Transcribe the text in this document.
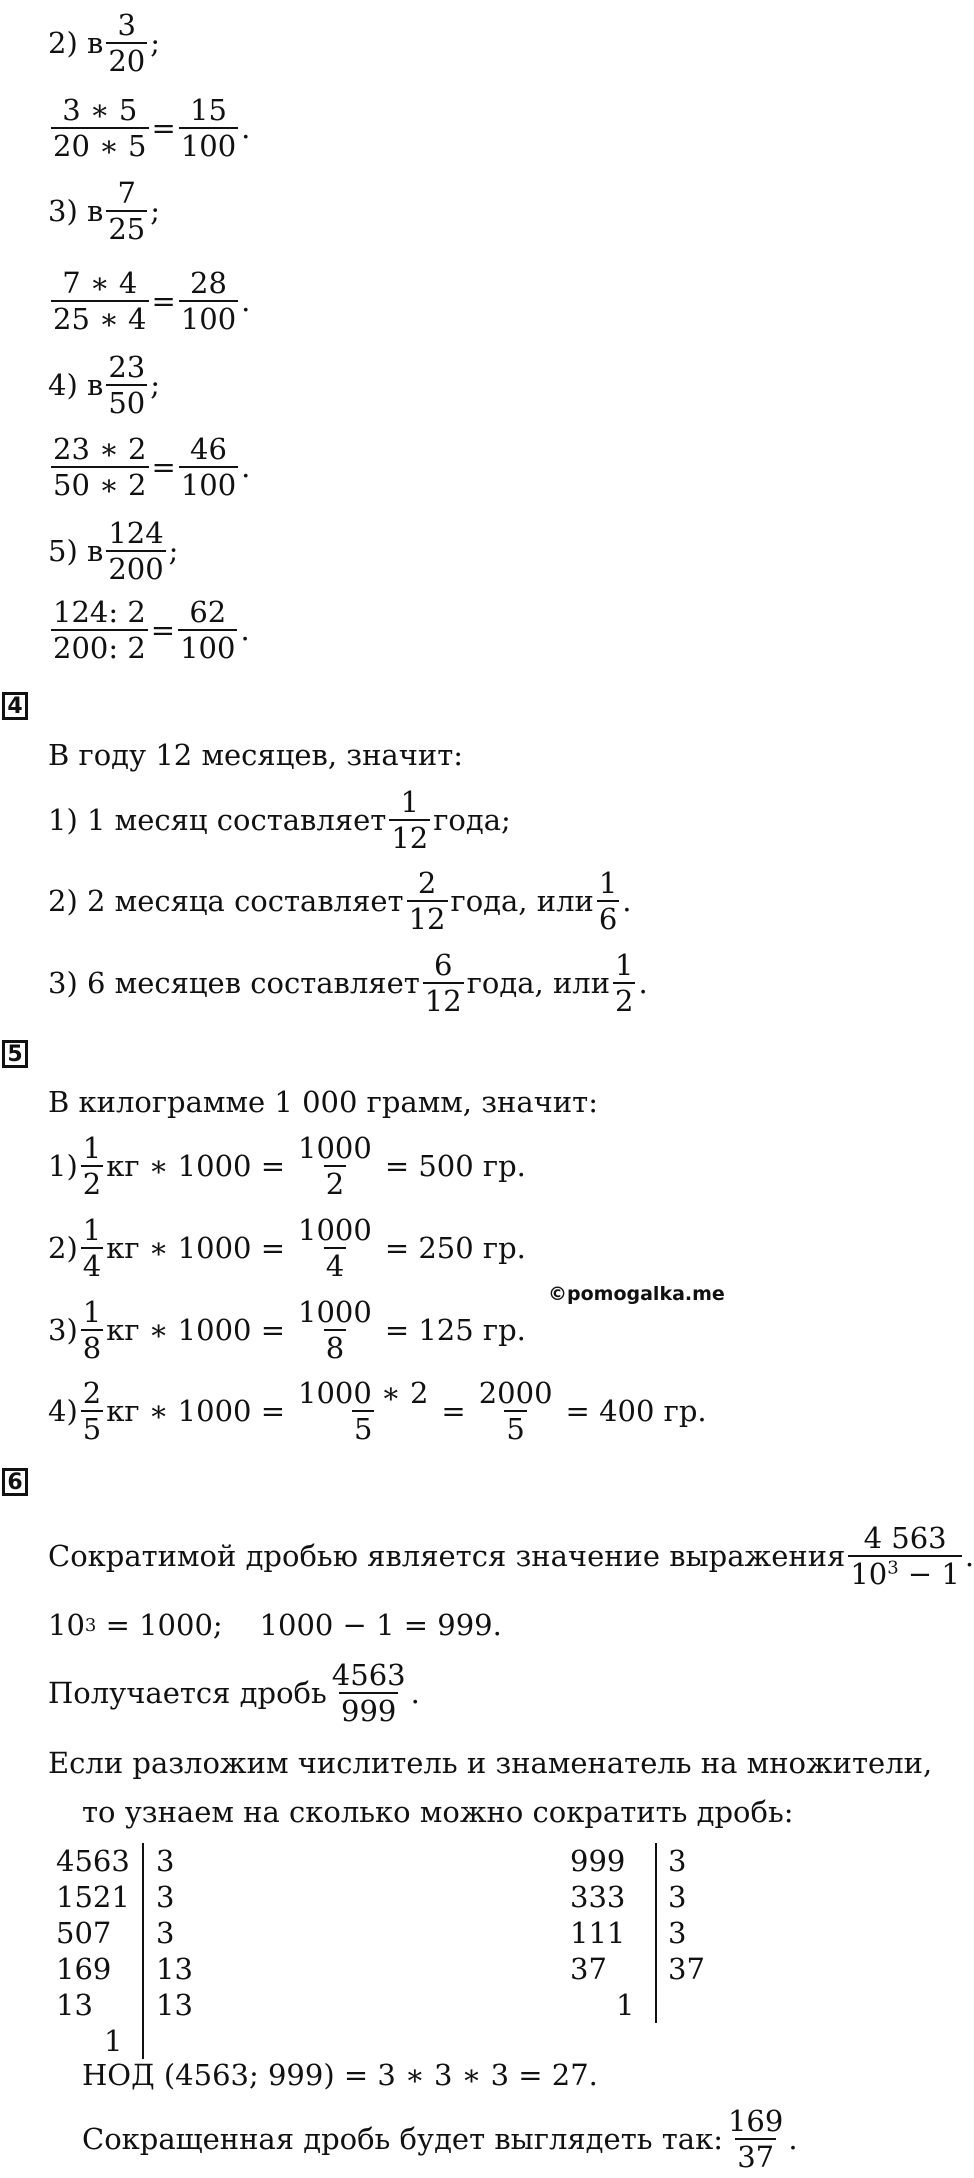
2) в $\frac{3}{20}$ ;
$\frac{3 ∗ 5}{20 ∗ 5} = \frac{15}{100}$ .
3) в $\frac{7}{25}$ ;
$\frac{7 ∗ 4}{25 ∗ 4} = \frac{28}{100}$ .
4) в $\frac{23}{50}$ ;
$\frac{23 ∗ 2}{50 ∗ 2} = \frac{46}{100}$ .
5) в $\frac{124}{200}$ ;
$\frac{124: 2}{200: 2} = \frac{62}{100}$ .
4
В году 12 месяцев, значит:
1) 1 месяц составляет $\frac{1}{12}$ года;
2) 2 месяца составляет $\frac{2}{12}$ года, или $\frac{1}{6}$ .
3) 6 месяцев составляет $\frac{6}{12}$ года, или $\frac{1}{2}$ .
5
В килограмме 1 000 грамм, значит:
$1) \frac{1}{2}$ кг ∗ $1000 = \frac{1000}{2} = 500$ гр.
$2) \frac{1}{4}$ кг ∗ $1000 = \frac{1000}{4} = 250$ гр.
$3) \frac{1}{8}$ кг ∗ $1000 = \frac{1000}{8} = 125$ гр.
$4) \frac{2}{5}$ кг ∗ $1000 = \frac{1000 ∗ 2}{5} = \frac{2000}{5} = 400$ гр.
©pomogalka.me
6
Сократимой дробью является значение выражения $\frac{4 563}{10^3 - 1}$ .
10 3 = 1000;    1000 − 1 = 999.
Получается дробь $\frac{4563}{999}$ .
Если разложим числитель и знаменатель на множители,
то узнаем на сколько можно сократить дробь:
4563
1521
507
169
13
1
3
3
3
13
13
999
333
111
37
1
3
3
3
37
НОД (4563; 999) = 3 ∗ 3 ∗ 3 = 27.
Сокращенная дробь будет выглядеть так: $\frac{169}{37}$ .
